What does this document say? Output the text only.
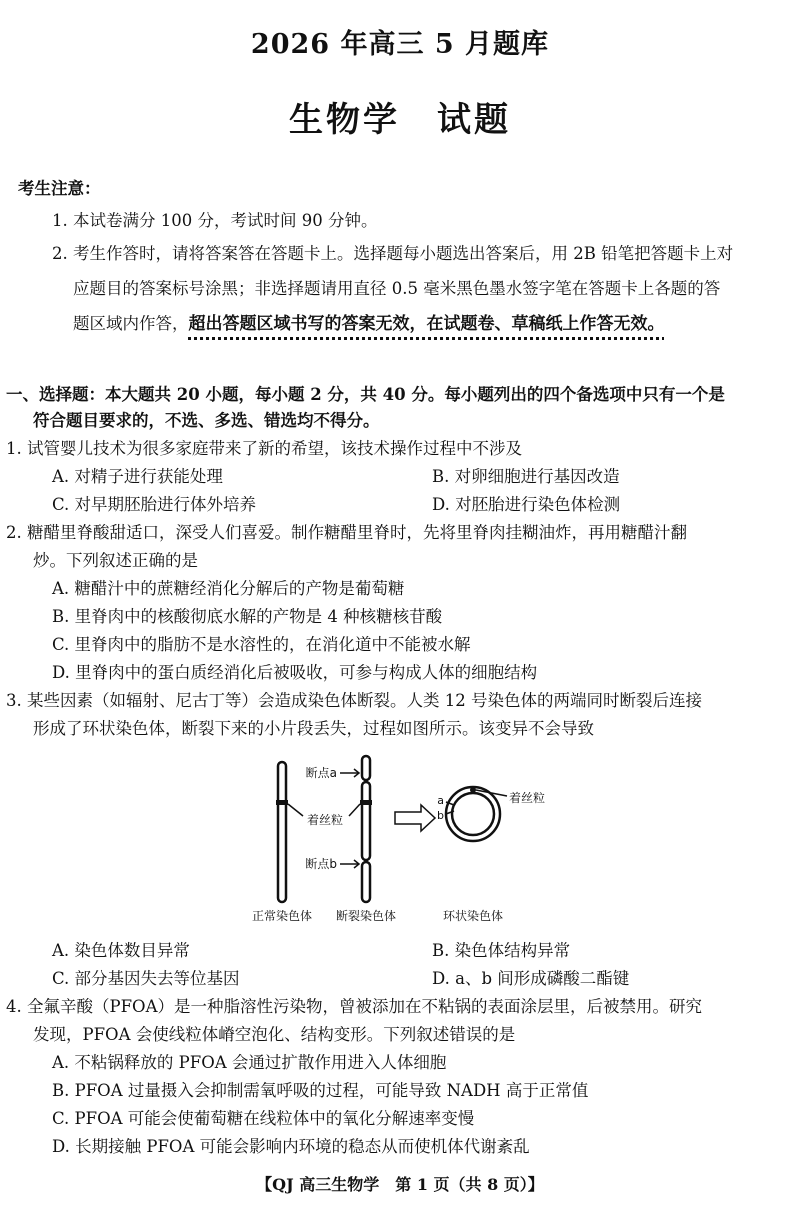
2026 年高三 5 月题库
生物学　试题
考生注意：
1. 本试卷满分 100 分，考试时间 90 分钟。
2. 考生作答时，请将答案答在答题卡上。选择题每小题选出答案后，用 2B 铅笔把答题卡上对
应题目的答案标号涂黑；非选择题请用直径 0.5 毫米黑色墨水签字笔在答题卡上各题的答
题区域内作答，超出答题区域书写的答案无效，在试题卷、草稿纸上作答无效。
一、选择题：本大题共 20 小题，每小题 2 分，共 40 分。每小题列出的四个备选项中只有一个是
符合题目要求的，不选、多选、错选均不得分。
1. 试管婴儿技术为很多家庭带来了新的希望，该技术操作过程中不涉及
A. 对精子进行获能处理	B. 对卵细胞进行基因改造
C. 对早期胚胎进行体外培养	D. 对胚胎进行染色体检测
2. 糖醋里脊酸甜适口，深受人们喜爱。制作糖醋里脊时，先将里脊肉挂糊油炸，再用糖醋汁翻
炒。下列叙述正确的是
A. 糖醋汁中的蔗糖经消化分解后的产物是葡萄糖
B. 里脊肉中的核酸彻底水解的产物是 4 种核糖核苷酸
C. 里脊肉中的脂肪不是水溶性的，在消化道中不能被水解
D. 里脊肉中的蛋白质经消化后被吸收，可参与构成人体的细胞结构
3. 某些因素（如辐射、尼古丁等）会造成染色体断裂。人类 12 号染色体的两端同时断裂后连接
形成了环状染色体，断裂下来的小片段丢失，过程如图所示。该变异不会导致
断点a
着丝粒
断点b
着丝粒
a
b
正常染色体 断裂染色体	环状染色体
A. 染色体数目异常	B. 染色体结构异常
C. 部分基因失去等位基因	D. a、b 间形成磷酸二酯键
4. 全氟辛酸（PFOA）是一种脂溶性污染物，曾被添加在不粘锅的表面涂层里，后被禁用。研究
发现，PFOA 会使线粒体嵴空泡化、结构变形。下列叙述错误的是
A. 不粘锅释放的 PFOA 会通过扩散作用进入人体细胞
B. PFOA 过量摄入会抑制需氧呼吸的过程，可能导致 NADH 高于正常值
C. PFOA 可能会使葡萄糖在线粒体中的氧化分解速率变慢
D. 长期接触 PFOA 可能会影响内环境的稳态从而使机体代谢紊乱
【QJ 高三生物学　第 1 页（共 8 页）】
